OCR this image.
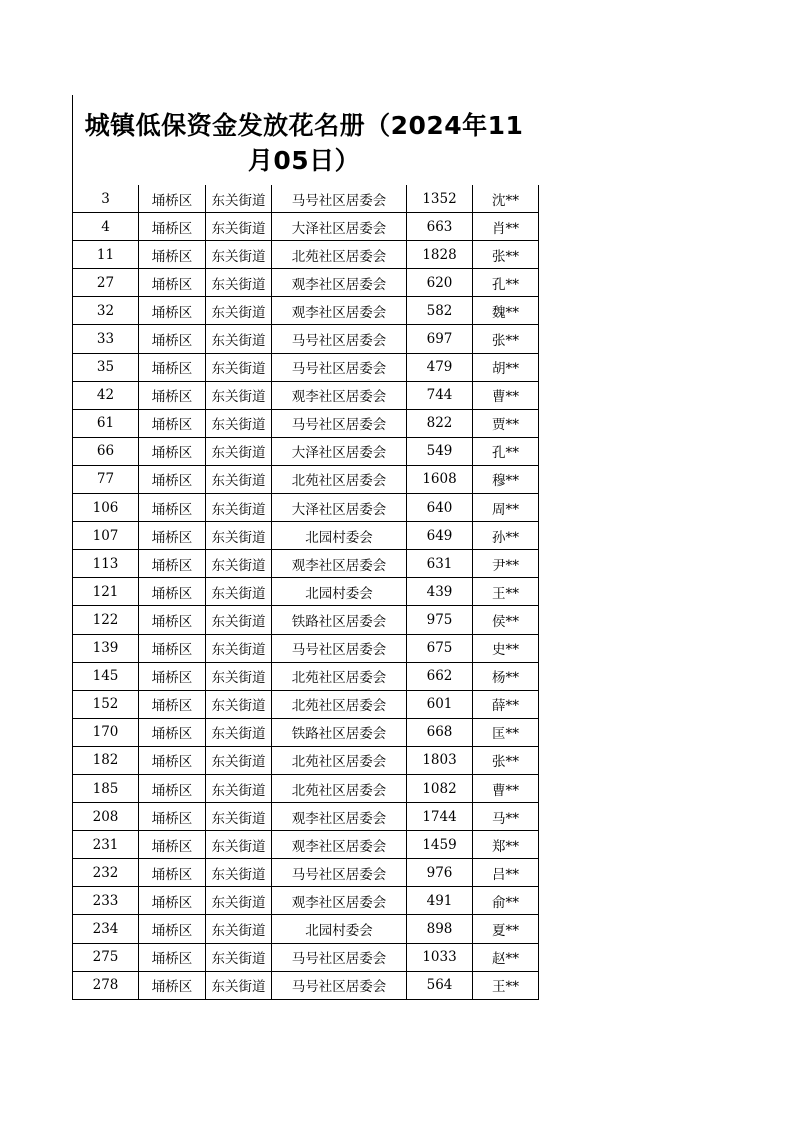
城镇低保资金发放花名册（2024年11
月05日）
3	埇桥区	东关街道	马号社区居委会	1352	沈**
4	埇桥区	东关街道	大泽社区居委会	663	肖**
11	埇桥区	东关街道	北苑社区居委会	1828	张**
27	埇桥区	东关街道	观李社区居委会	620	孔**
32	埇桥区	东关街道	观李社区居委会	582	魏**
33	埇桥区	东关街道	马号社区居委会	697	张**
35	埇桥区	东关街道	马号社区居委会	479	胡**
42	埇桥区	东关街道	观李社区居委会	744	曹**
61	埇桥区	东关街道	马号社区居委会	822	贾**
66	埇桥区	东关街道	大泽社区居委会	549	孔**
77	埇桥区	东关街道	北苑社区居委会	1608	穆**
106	埇桥区	东关街道	大泽社区居委会	640	周**
107	埇桥区	东关街道	北园村委会	649	孙**
113	埇桥区	东关街道	观李社区居委会	631	尹**
121	埇桥区	东关街道	北园村委会	439	王**
122	埇桥区	东关街道	铁路社区居委会	975	侯**
139	埇桥区	东关街道	马号社区居委会	675	史**
145	埇桥区	东关街道	北苑社区居委会	662	杨**
152	埇桥区	东关街道	北苑社区居委会	601	薛**
170	埇桥区	东关街道	铁路社区居委会	668	匡**
182	埇桥区	东关街道	北苑社区居委会	1803	张**
185	埇桥区	东关街道	北苑社区居委会	1082	曹**
208	埇桥区	东关街道	观李社区居委会	1744	马**
231	埇桥区	东关街道	观李社区居委会	1459	郑**
232	埇桥区	东关街道	马号社区居委会	976	吕**
233	埇桥区	东关街道	观李社区居委会	491	俞**
234	埇桥区	东关街道	北园村委会	898	夏**
275	埇桥区	东关街道	马号社区居委会	1033	赵**
278	埇桥区	东关街道	马号社区居委会	564	王**
